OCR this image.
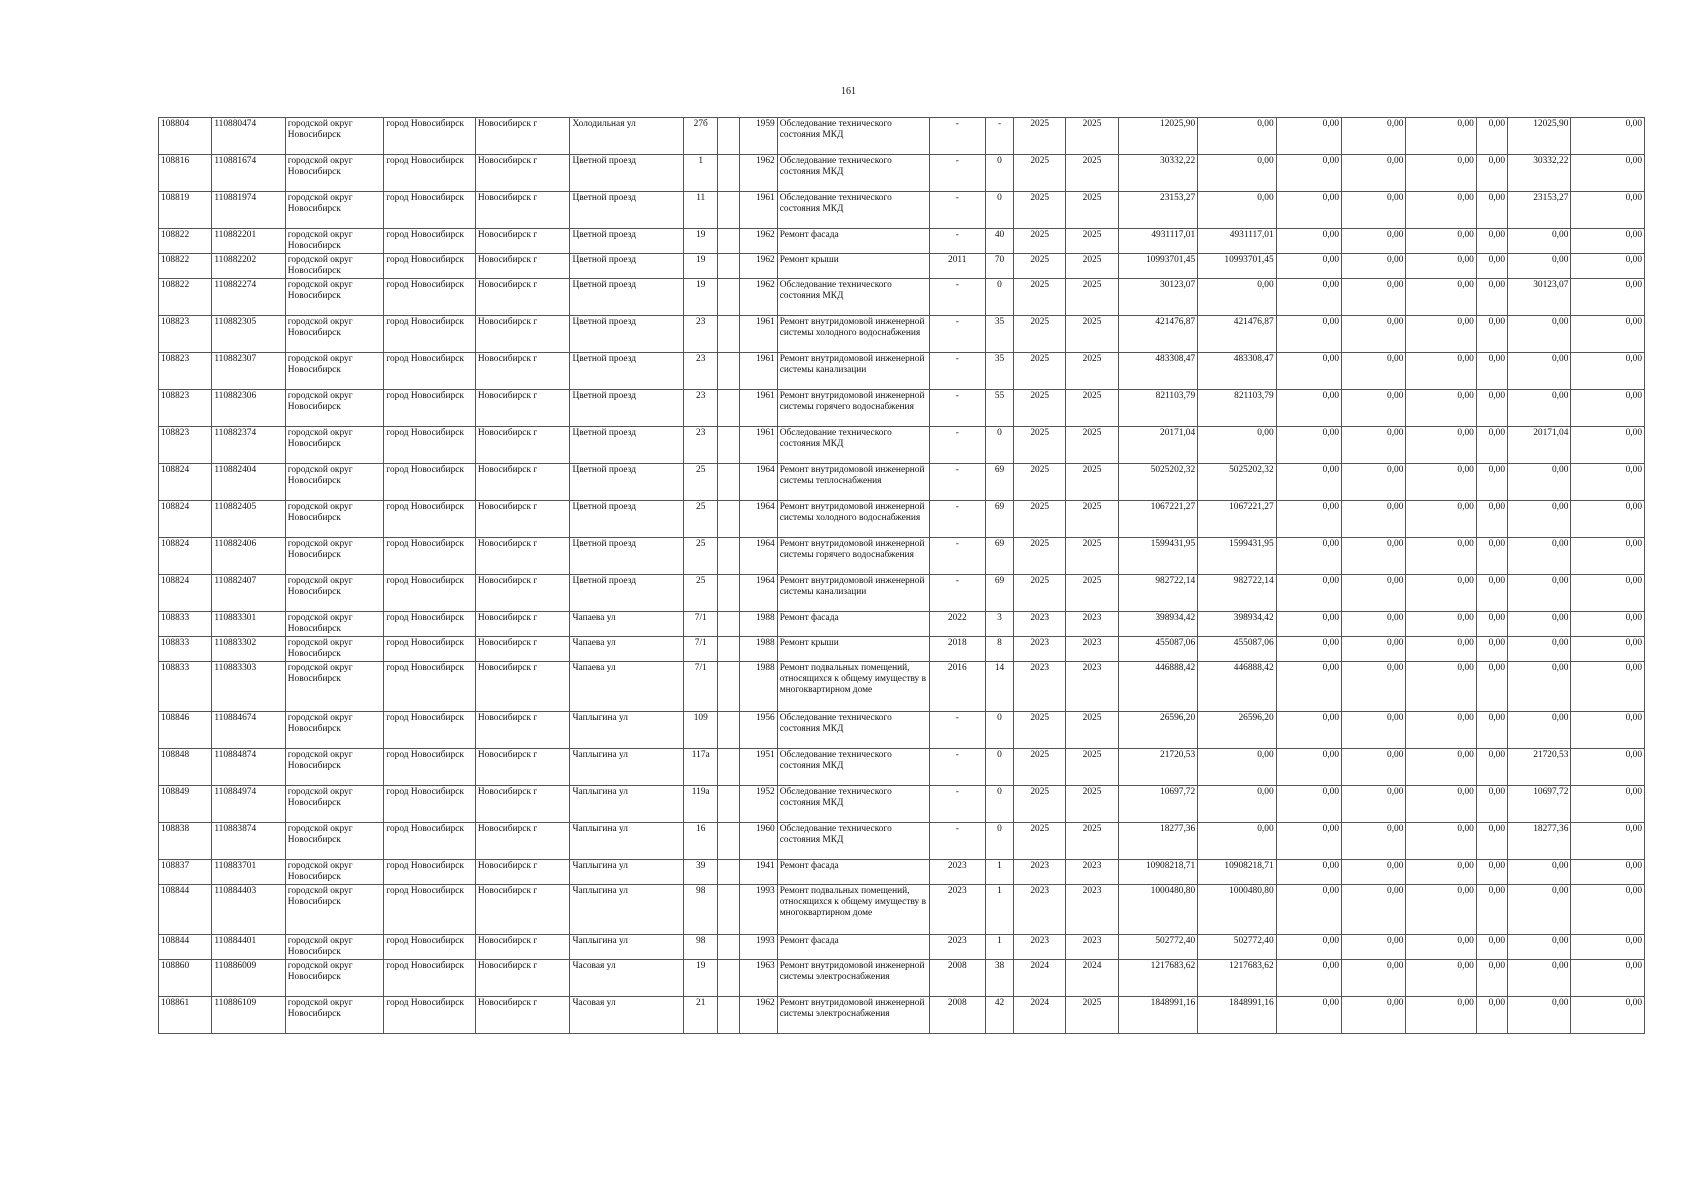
161
108804	110880474	городской округ Новосибирск	город Новосибирск	Новосибирск г	Холодильная ул	27б		1959	Обследование технического состояния МКД	-	-	2025	2025	12025,90	0,00	0,00	0,00	0,00	0,00	12025,90	0,00
108816	110881674	городской округ Новосибирск	город Новосибирск	Новосибирск г	Цветной проезд	1		1962	Обследование технического состояния МКД	-	0	2025	2025	30332,22	0,00	0,00	0,00	0,00	0,00	30332,22	0,00
108819	110881974	городской округ Новосибирск	город Новосибирск	Новосибирск г	Цветной проезд	11		1961	Обследование технического состояния МКД	-	0	2025	2025	23153,27	0,00	0,00	0,00	0,00	0,00	23153,27	0,00
108822	110882201	городской округ Новосибирск	город Новосибирск	Новосибирск г	Цветной проезд	19		1962	Ремонт фасада	-	40	2025	2025	4931117,01	4931117,01	0,00	0,00	0,00	0,00	0,00	0,00
108822	110882202	городской округ Новосибирск	город Новосибирск	Новосибирск г	Цветной проезд	19		1962	Ремонт крыши	2011	70	2025	2025	10993701,45	10993701,45	0,00	0,00	0,00	0,00	0,00	0,00
108822	110882274	городской округ Новосибирск	город Новосибирск	Новосибирск г	Цветной проезд	19		1962	Обследование технического состояния МКД	-	0	2025	2025	30123,07	0,00	0,00	0,00	0,00	0,00	30123,07	0,00
108823	110882305	городской округ Новосибирск	город Новосибирск	Новосибирск г	Цветной проезд	23		1961	Ремонт внутридомовой инженерной системы холодного водоснабжения	-	35	2025	2025	421476,87	421476,87	0,00	0,00	0,00	0,00	0,00	0,00
108823	110882307	городской округ Новосибирск	город Новосибирск	Новосибирск г	Цветной проезд	23		1961	Ремонт внутридомовой инженерной системы канализации	-	35	2025	2025	483308,47	483308,47	0,00	0,00	0,00	0,00	0,00	0,00
108823	110882306	городской округ Новосибирск	город Новосибирск	Новосибирск г	Цветной проезд	23		1961	Ремонт внутридомовой инженерной системы горячего водоснабжения	-	55	2025	2025	821103,79	821103,79	0,00	0,00	0,00	0,00	0,00	0,00
108823	110882374	городской округ Новосибирск	город Новосибирск	Новосибирск г	Цветной проезд	23		1961	Обследование технического состояния МКД	-	0	2025	2025	20171,04	0,00	0,00	0,00	0,00	0,00	20171,04	0,00
108824	110882404	городской округ Новосибирск	город Новосибирск	Новосибирск г	Цветной проезд	25		1964	Ремонт внутридомовой инженерной системы теплоснабжения	-	69	2025	2025	5025202,32	5025202,32	0,00	0,00	0,00	0,00	0,00	0,00
108824	110882405	городской округ Новосибирск	город Новосибирск	Новосибирск г	Цветной проезд	25		1964	Ремонт внутридомовой инженерной системы холодного водоснабжения	-	69	2025	2025	1067221,27	1067221,27	0,00	0,00	0,00	0,00	0,00	0,00
108824	110882406	городской округ Новосибирск	город Новосибирск	Новосибирск г	Цветной проезд	25		1964	Ремонт внутридомовой инженерной системы горячего водоснабжения	-	69	2025	2025	1599431,95	1599431,95	0,00	0,00	0,00	0,00	0,00	0,00
108824	110882407	городской округ Новосибирск	город Новосибирск	Новосибирск г	Цветной проезд	25		1964	Ремонт внутридомовой инженерной системы канализации	-	69	2025	2025	982722,14	982722,14	0,00	0,00	0,00	0,00	0,00	0,00
108833	110883301	городской округ Новосибирск	город Новосибирск	Новосибирск г	Чапаева ул	7/1		1988	Ремонт фасада	2022	3	2023	2023	398934,42	398934,42	0,00	0,00	0,00	0,00	0,00	0,00
108833	110883302	городской округ Новосибирск	город Новосибирск	Новосибирск г	Чапаева ул	7/1		1988	Ремонт крыши	2018	8	2023	2023	455087,06	455087,06	0,00	0,00	0,00	0,00	0,00	0,00
108833	110883303	городской округ Новосибирск	город Новосибирск	Новосибирск г	Чапаева ул	7/1		1988	Ремонт подвальных помещений, относящихся к общему имуществу в многоквартирном доме	2016	14	2023	2023	446888,42	446888,42	0,00	0,00	0,00	0,00	0,00	0,00
108846	110884674	городской округ Новосибирск	город Новосибирск	Новосибирск г	Чаплыгина ул	109		1956	Обследование технического состояния МКД	-	0	2025	2025	26596,20	26596,20	0,00	0,00	0,00	0,00	0,00	0,00
108848	110884874	городской округ Новосибирск	город Новосибирск	Новосибирск г	Чаплыгина ул	117а		1951	Обследование технического состояния МКД	-	0	2025	2025	21720,53	0,00	0,00	0,00	0,00	0,00	21720,53	0,00
108849	110884974	городской округ Новосибирск	город Новосибирск	Новосибирск г	Чаплыгина ул	119а		1952	Обследование технического состояния МКД	-	0	2025	2025	10697,72	0,00	0,00	0,00	0,00	0,00	10697,72	0,00
108838	110883874	городской округ Новосибирск	город Новосибирск	Новосибирск г	Чаплыгина ул	16		1960	Обследование технического состояния МКД	-	0	2025	2025	18277,36	0,00	0,00	0,00	0,00	0,00	18277,36	0,00
108837	110883701	городской округ Новосибирск	город Новосибирск	Новосибирск г	Чаплыгина ул	39		1941	Ремонт фасада	2023	1	2023	2023	10908218,71	10908218,71	0,00	0,00	0,00	0,00	0,00	0,00
108844	110884403	городской округ Новосибирск	город Новосибирск	Новосибирск г	Чаплыгина ул	98		1993	Ремонт подвальных помещений, относящихся к общему имуществу в многоквартирном доме	2023	1	2023	2023	1000480,80	1000480,80	0,00	0,00	0,00	0,00	0,00	0,00
108844	110884401	городской округ Новосибирск	город Новосибирск	Новосибирск г	Чаплыгина ул	98		1993	Ремонт фасада	2023	1	2023	2023	502772,40	502772,40	0,00	0,00	0,00	0,00	0,00	0,00
108860	110886009	городской округ Новосибирск	город Новосибирск	Новосибирск г	Часовая ул	19		1963	Ремонт внутридомовой инженерной системы электроснабжения	2008	38	2024	2024	1217683,62	1217683,62	0,00	0,00	0,00	0,00	0,00	0,00
108861	110886109	городской округ Новосибирск	город Новосибирск	Новосибирск г	Часовая ул	21		1962	Ремонт внутридомовой инженерной системы электроснабжения	2008	42	2024	2025	1848991,16	1848991,16	0,00	0,00	0,00	0,00	0,00	0,00
